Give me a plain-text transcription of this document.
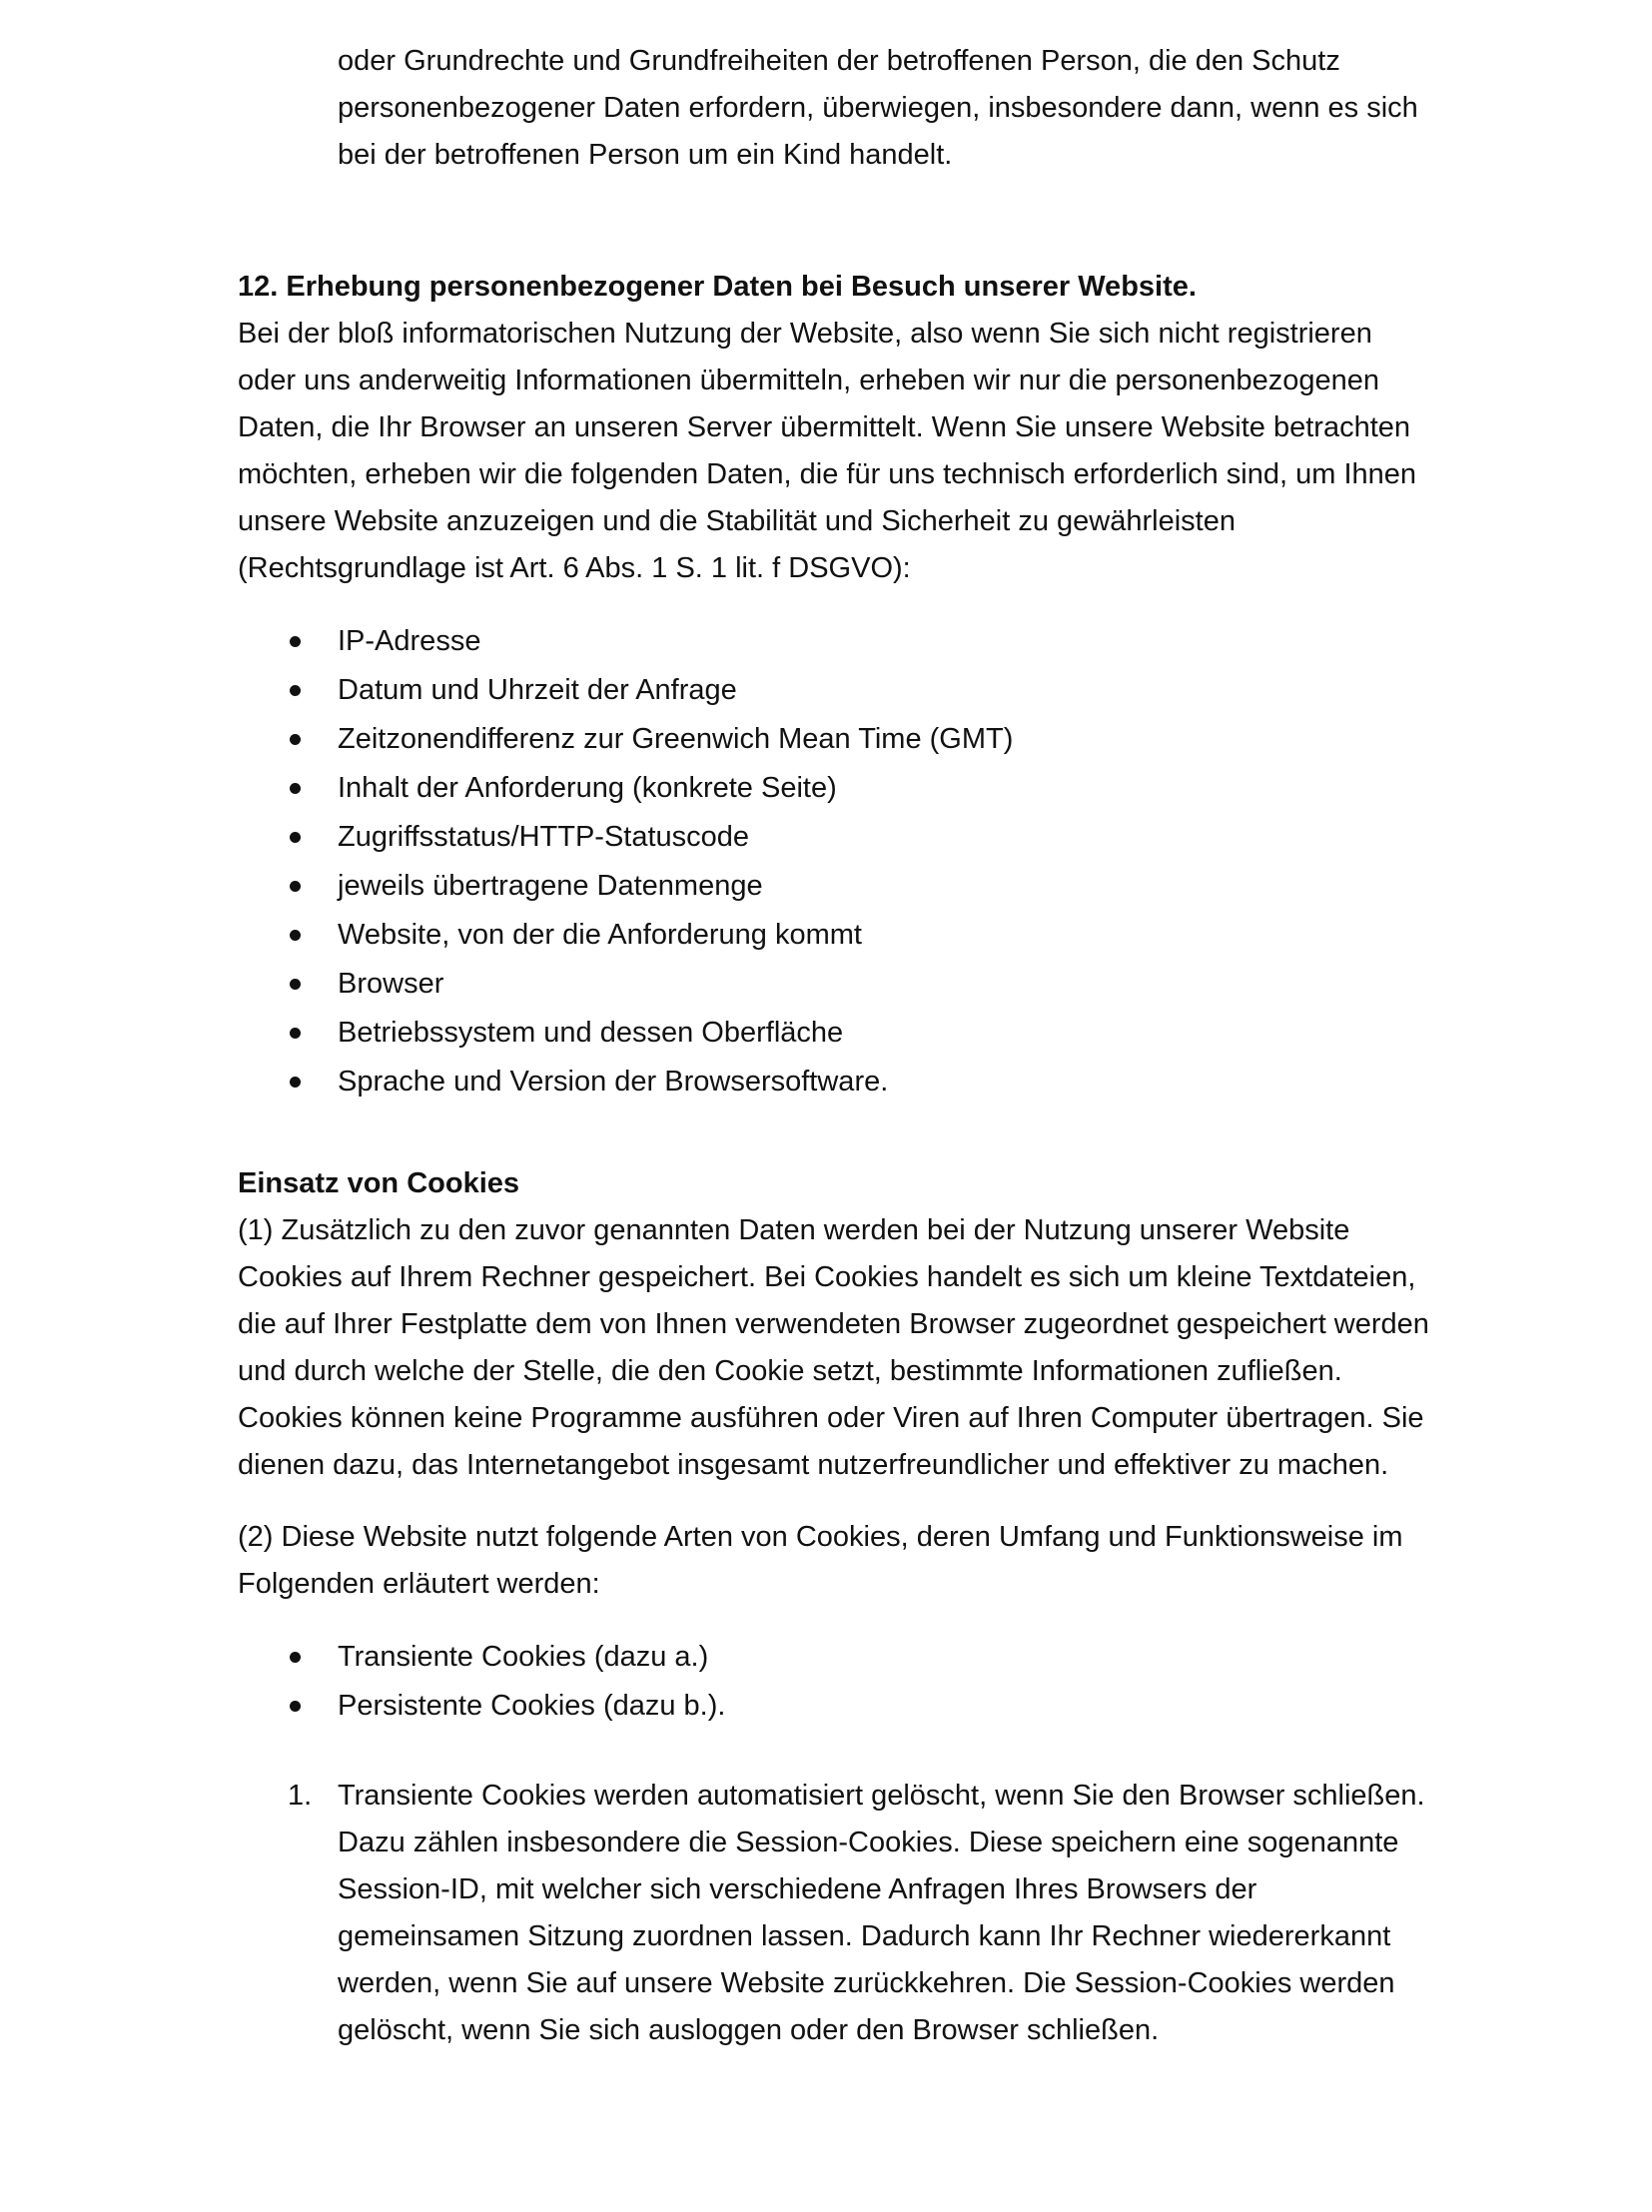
oder Grundrechte und Grundfreiheiten der betroffenen Person, die den Schutz personenbezogener Daten erfordern, überwiegen, insbesondere dann, wenn es sich bei der betroffenen Person um ein Kind handelt.

12. Erhebung personenbezogener Daten bei Besuch unserer Website.

Bei der bloß informatorischen Nutzung der Website, also wenn Sie sich nicht registrieren oder uns anderweitig Informationen übermitteln, erheben wir nur die personenbezogenen Daten, die Ihr Browser an unseren Server übermittelt. Wenn Sie unsere Website betrachten möchten, erheben wir die folgenden Daten, die für uns technisch erforderlich sind, um Ihnen unsere Website anzuzeigen und die Stabilität und Sicherheit zu gewährleisten (Rechtsgrundlage ist Art. 6 Abs. 1 S. 1 lit. f DSGVO):

IP-Adresse
Datum und Uhrzeit der Anfrage
Zeitzonendifferenz zur Greenwich Mean Time (GMT)
Inhalt der Anforderung (konkrete Seite)
Zugriffsstatus/HTTP-Statuscode
jeweils übertragene Datenmenge
Website, von der die Anforderung kommt
Browser
Betriebssystem und dessen Oberfläche
Sprache und Version der Browsersoftware.

Einsatz von Cookies

(1) Zusätzlich zu den zuvor genannten Daten werden bei der Nutzung unserer Website Cookies auf Ihrem Rechner gespeichert. Bei Cookies handelt es sich um kleine Textdateien, die auf Ihrer Festplatte dem von Ihnen verwendeten Browser zugeordnet gespeichert werden und durch welche der Stelle, die den Cookie setzt, bestimmte Informationen zufließen. Cookies können keine Programme ausführen oder Viren auf Ihren Computer übertragen. Sie dienen dazu, das Internetangebot insgesamt nutzerfreundlicher und effektiver zu machen.

(2) Diese Website nutzt folgende Arten von Cookies, deren Umfang und Funktionsweise im Folgenden erläutert werden:

Transiente Cookies (dazu a.)
Persistente Cookies (dazu b.).
1. Transiente Cookies werden automatisiert gelöscht, wenn Sie den Browser schließen. Dazu zählen insbesondere die Session-Cookies. Diese speichern eine sogenannte Session-ID, mit welcher sich verschiedene Anfragen Ihres Browsers der gemeinsamen Sitzung zuordnen lassen. Dadurch kann Ihr Rechner wiedererkannt werden, wenn Sie auf unsere Website zurückkehren. Die Session-Cookies werden gelöscht, wenn Sie sich ausloggen oder den Browser schließen.
